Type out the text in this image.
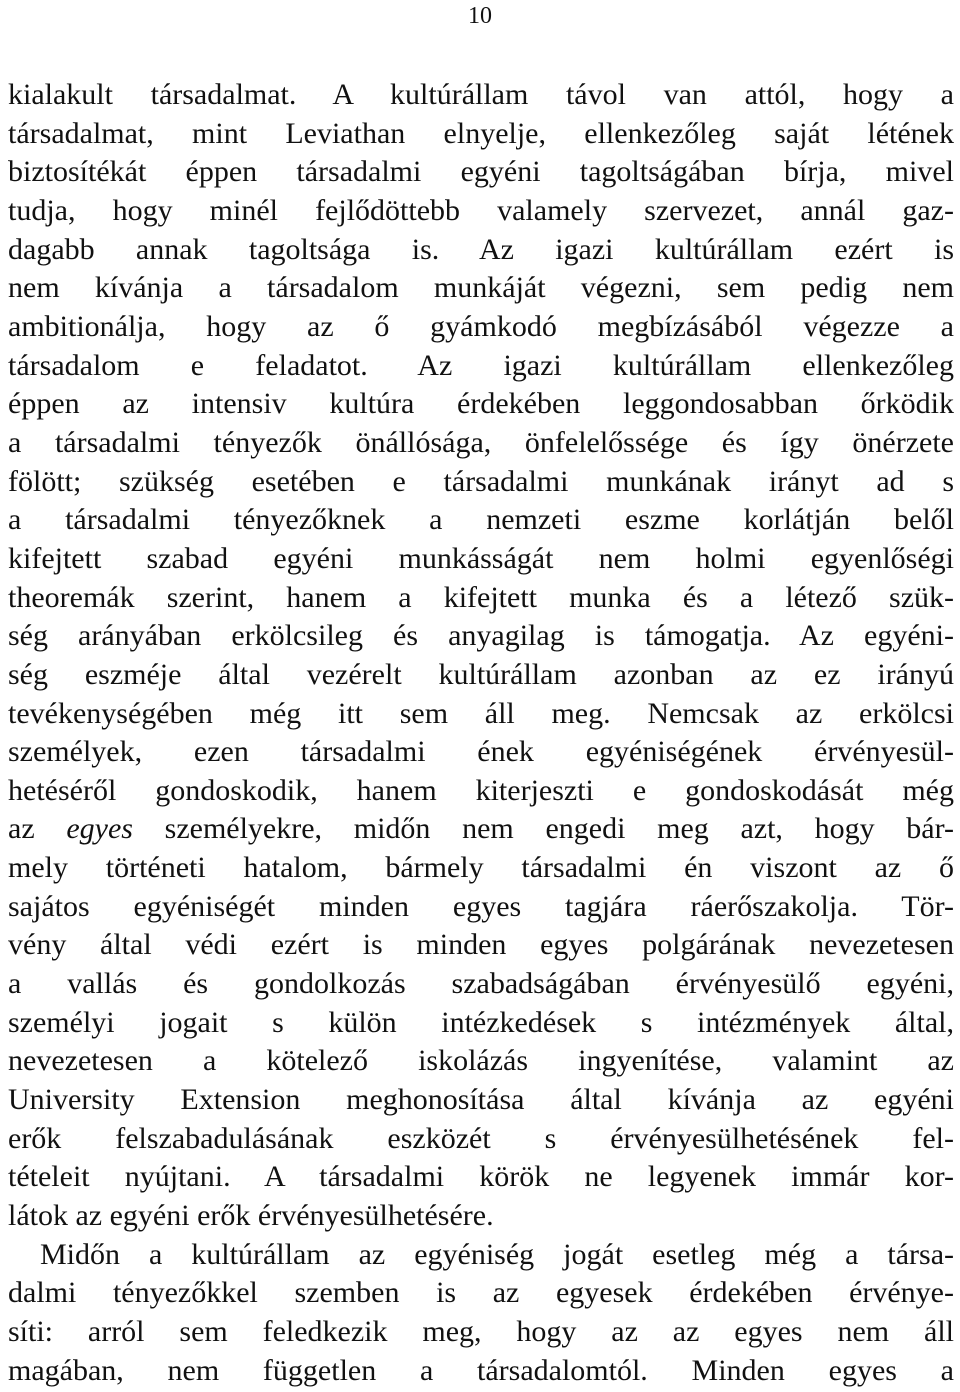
10
kialakult társadalmat. A kultúrállam távol van attól, hogy a
társadalmat, mint Leviathan elnyelje, ellenkezőleg saját létének
biztosítékát éppen társadalmi egyéni tagoltságában bírja, mivel
tudja, hogy minél fejlődöttebb valamely szervezet, annál gaz-
dagabb annak tagoltsága is. Az igazi kultúrállam ezért is
nem kívánja a társadalom munkáját végezni, sem pedig nem
ambitionálja, hogy az ő gyámkodó megbízásából végezze a
társadalom e feladatot. Az igazi kultúrállam ellenkezőleg
éppen az intensiv kultúra érdekében leggondosabban őrködik
a társadalmi tényezők önállósága, önfelelőssége és így önérzete
fölött; szükség esetében e társadalmi munkának irányt ad s
a társadalmi tényezőknek a nemzeti eszme korlátján belől
kifejtett szabad egyéni munkásságát nem holmi egyenlőségi
theoremák szerint, hanem a kifejtett munka és a létező szük-
ség arányában erkölcsileg és anyagilag is támogatja. Az egyéni-
ség eszméje által vezérelt kultúrállam azonban az ez irányú
tevékenységében még itt sem áll meg. Nemcsak az erkölcsi
személyek, ezen társadalmi ének egyéniségének érvényesül-
hetéséről gondoskodik, hanem kiterjeszti e gondoskodását még
az egyes személyekre, midőn nem engedi meg azt, hogy bár-
mely történeti hatalom, bármely társadalmi én viszont az ő
sajátos egyéniségét minden egyes tagjára ráerőszakolja. Tör-
vény által védi ezért is minden egyes polgárának nevezetesen
a vallás és gondolkozás szabadságában érvényesülő egyéni,
személyi jogait s külön intézkedések s intézmények által,
nevezetesen a kötelező iskolázás ingyenítése, valamint az
University Extension meghonosítása által kívánja az egyéni
erők felszabadulásának eszközét s érvényesülhetésének fel-
tételeit nyújtani. A társadalmi körök ne legyenek immár kor-
látok az egyéni erők érvényesülhetésére.
Midőn a kultúrállam az egyéniség jogát esetleg még a társa-
dalmi tényezőkkel szemben is az egyesek érdekében érvénye-
síti: arról sem feledkezik meg, hogy az az egyes nem áll
magában, nem független a társadalomtól. Minden egyes a
